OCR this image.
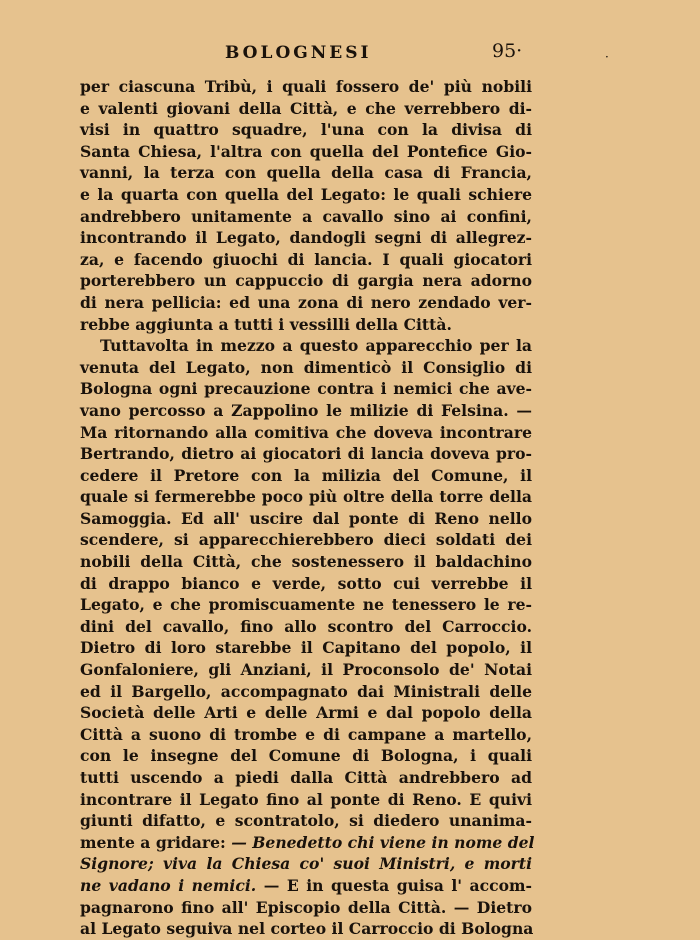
BOLOGNESI	95·	·
per ciascuna Tribù, i quali fossero de' più nobili
e valenti giovani della Città, e che verrebbero di-
visi in quattro squadre, l'una con la divisa di
Santa Chiesa, l'altra con quella del Pontefice Gio-
vanni, la terza con quella della casa di Francia,
e la quarta con quella del Legato: le quali schiere
andrebbero unitamente a cavallo sino ai confini,
incontrando il Legato, dandogli segni di allegrez-
za, e facendo giuochi di lancia. I quali giocatori
porterebbero un cappuccio di gargia nera adorno
di nera pellicia: ed una zona di nero zendado ver-
rebbe aggiunta a tutti i vessilli della Città.
Tuttavolta in mezzo a questo apparecchio per la
venuta del Legato, non dimenticò il Consiglio di
Bologna ogni precauzione contra i nemici che ave-
vano percosso a Zappolino le milizie di Felsina. —
Ma ritornando alla comitiva che doveva incontrare
Bertrando, dietro ai giocatori di lancia doveva pro-
cedere il Pretore con la milizia del Comune, il
quale si fermerebbe poco più oltre della torre della
Samoggia. Ed all' uscire dal ponte di Reno nello
scendere, si apparecchierebbero dieci soldati dei
nobili della Città, che sostenessero il baldachino
di drappo bianco e verde, sotto cui verrebbe il
Legato, e che promiscuamente ne tenessero le re-
dini del cavallo, fino allo scontro del Carroccio.
Dietro di loro starebbe il Capitano del popolo, il
Gonfaloniere, gli Anziani, il Proconsolo de' Notai
ed il Bargello, accompagnato dai Ministrali delle
Società delle Arti e delle Armi e dal popolo della
Città a suono di trombe e di campane a martello,
con le insegne del Comune di Bologna, i quali
tutti uscendo a piedi dalla Città andrebbero ad
incontrare il Legato fino al ponte di Reno. E quivi
giunti difatto, e scontratolo, si diedero unanima-
mente a gridare: — Benedetto chi viene in nome del
Signore; viva la Chiesa co' suoi Ministri, e morti
ne vadano i nemici. — E in questa guisa l' accom-
pagnarono fino all' Episcopio della Città. — Dietro
al Legato seguiva nel corteo il Carroccio di Bologna
